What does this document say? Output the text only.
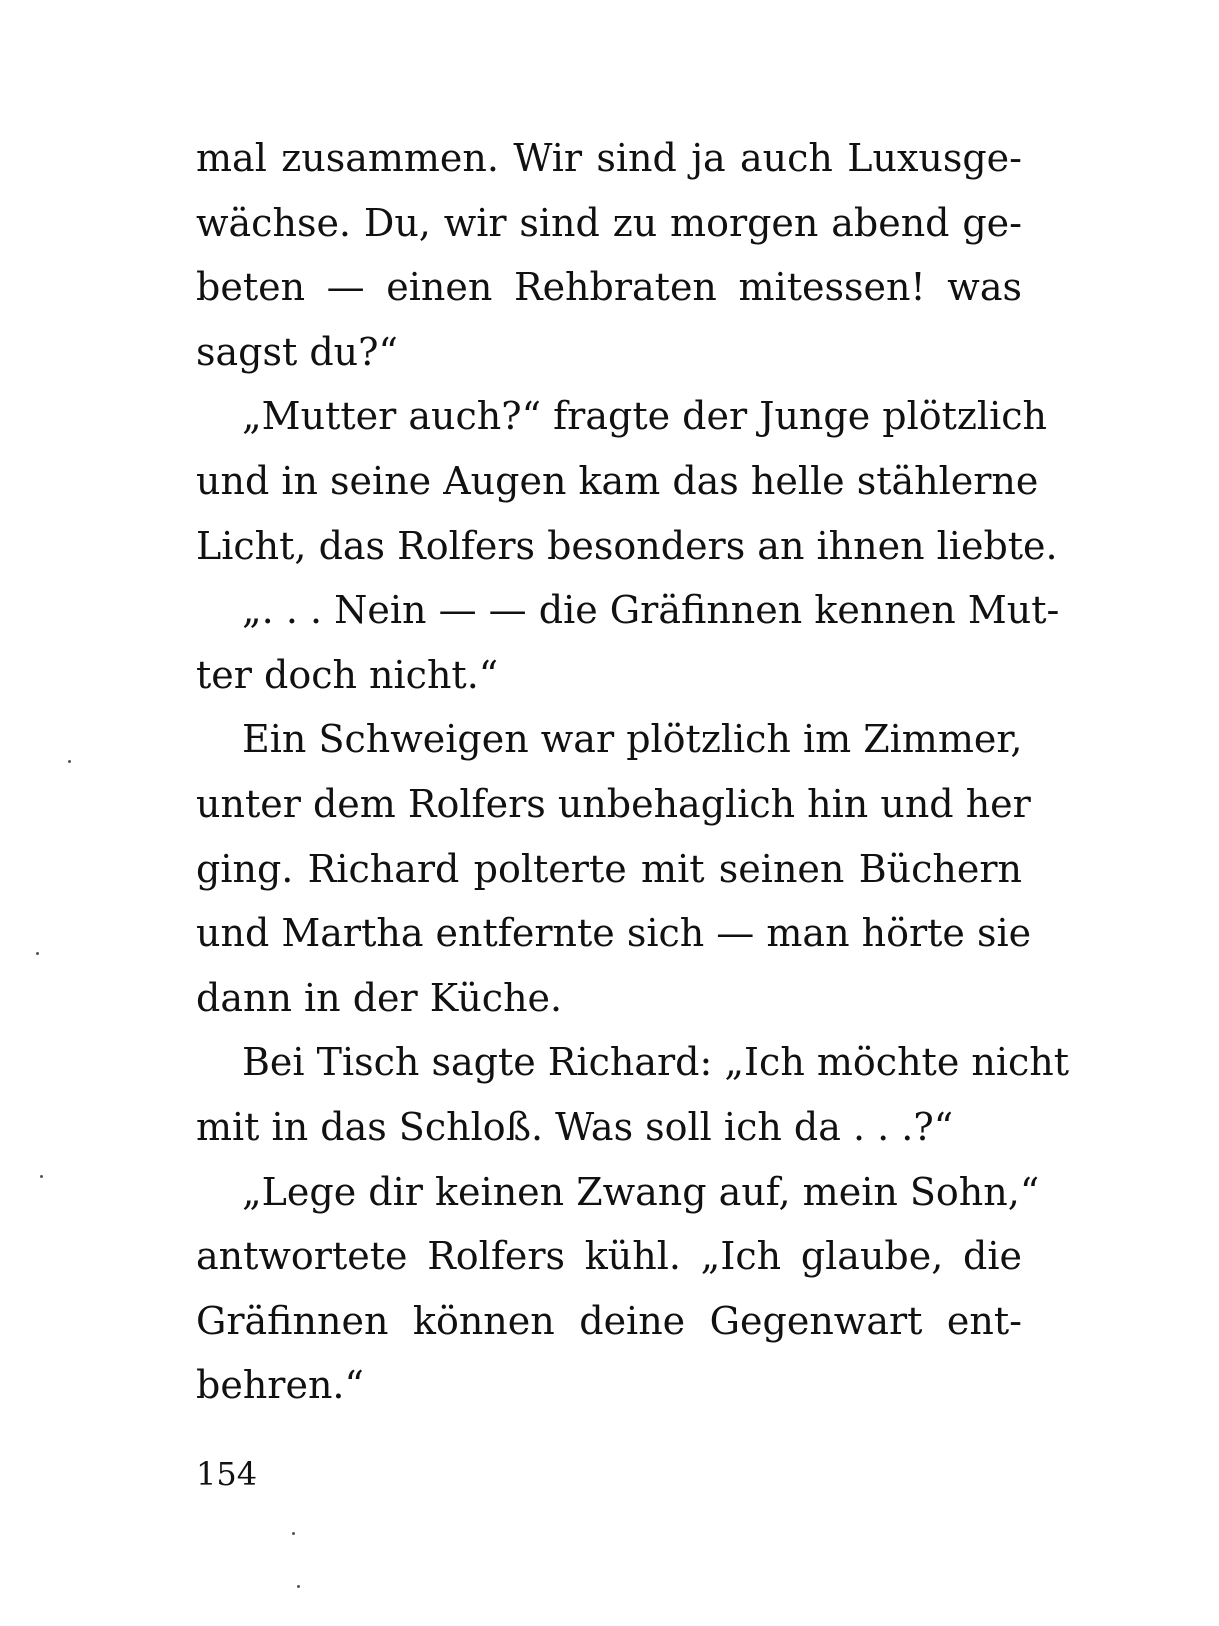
mal zusammen. Wir sind ja auch Luxusge-
wächse. Du, wir sind zu morgen abend ge-
beten — einen Rehbraten mitessen! was
sagst du?“
„Mutter auch?“ fragte der Junge plötzlich
und in seine Augen kam das helle stählerne
Licht, das Rolfers besonders an ihnen liebte.
„. . . Nein — — die Gräfinnen kennen Mut-
ter doch nicht.“
Ein Schweigen war plötzlich im Zimmer,
unter dem Rolfers unbehaglich hin und her
ging. Richard polterte mit seinen Büchern
und Martha entfernte sich — man hörte sie
dann in der Küche.
Bei Tisch sagte Richard: „Ich möchte nicht
mit in das Schloß. Was soll ich da . . .?“
„Lege dir keinen Zwang auf, mein Sohn,“
antwortete Rolfers kühl. „Ich glaube, die
Gräfinnen können deine Gegenwart ent-
behren.“
154
